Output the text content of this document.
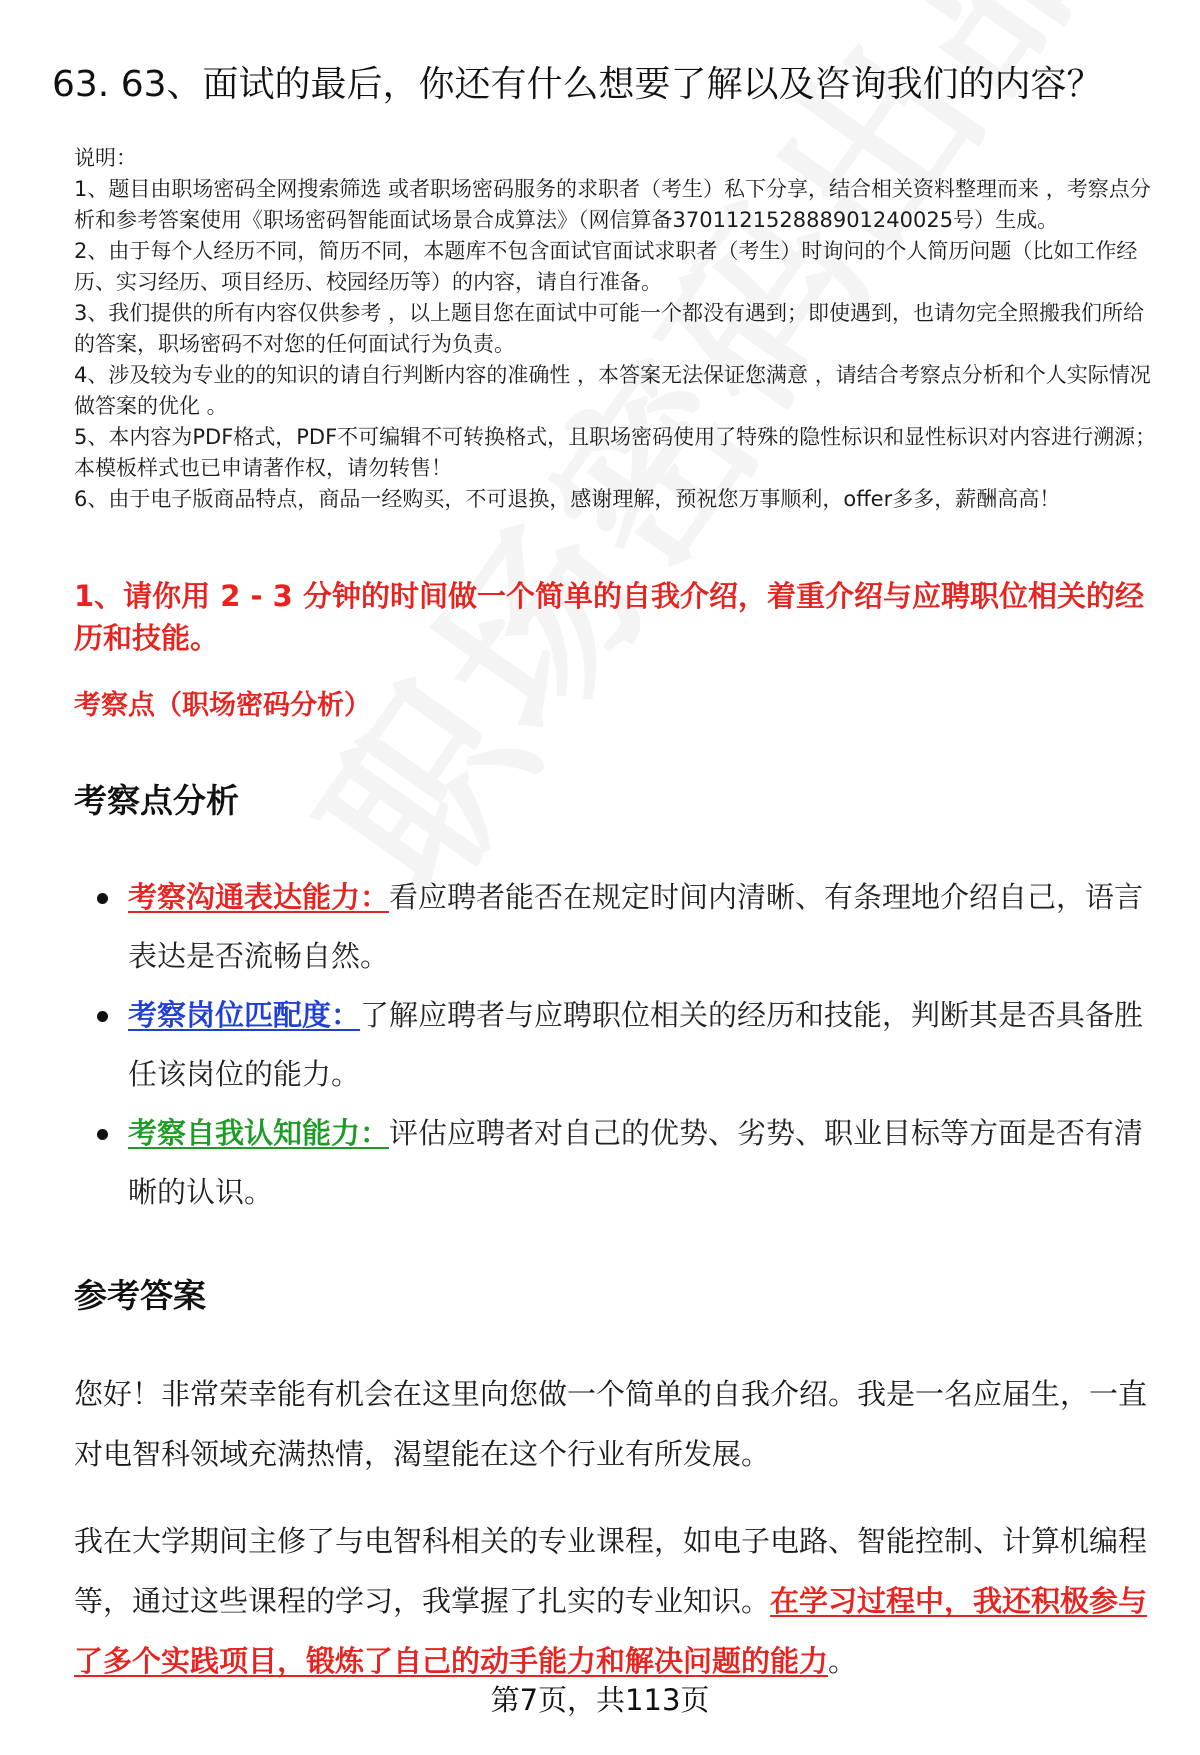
63. 63、面试的最后，你还有什么想要了解以及咨询我们的内容？

说明：

1、题目由职场密码全网搜索筛选 或者职场密码服务的求职者（考生）私下分享，结合相关资料整理而来 ，考察点分析和参考答案使用《职场密码智能面试场景合成算法》（网信算备370112152888901240025号）生成。

2、由于每个人经历不同，简历不同，本题库不包含面试官面试求职者（考生）时询问的个人简历问题（比如工作经历、实习经历、项目经历、校园经历等）的内容，请自行准备。

3、我们提供的所有内容仅供参考 ，以上题目您在面试中可能一个都没有遇到；即使遇到，也请勿完全照搬我们所给的答案，职场密码不对您的任何面试行为负责。

4、涉及较为专业的的知识的请自行判断内容的准确性 ，本答案无法保证您满意 ，请结合考察点分析和个人实际情况做答案的优化 。

5、本内容为PDF格式，PDF不可编辑不可转换格式，且职场密码使用了特殊的隐性标识和显性标识对内容进行溯源；本模板样式也已申请著作权，请勿转售！

6、由于电子版商品特点，商品一经购买，不可退换，感谢理解，预祝您万事顺利，offer多多，薪酬高高！

1、请你用 2 - 3 分钟的时间做一个简单的自我介绍，着重介绍与应聘职位相关的经历和技能。
考察点（职场密码分析）
考察点分析
考察沟通表达能力：看应聘者能否在规定时间内清晰、有条理地介绍自己，语言表达是否流畅自然。
考察岗位匹配度：了解应聘者与应聘职位相关的经历和技能，判断其是否具备胜任该岗位的能力。
考察自我认知能力：评估应聘者对自己的优势、劣势、职业目标等方面是否有清晰的认识。
参考答案

您好！非常荣幸能有机会在这里向您做一个简单的自我介绍。我是一名应届生，一直对电智科领域充满热情，渴望能在这个行业有所发展。

我在大学期间主修了与电智科相关的专业课程，如电子电路、智能控制、计算机编程等，通过这些课程的学习，我掌握了扎实的专业知识。在学习过程中，我还积极参与了多个实践项目，锻炼了自己的动手能力和解决问题的能力。

第7页，共113页
